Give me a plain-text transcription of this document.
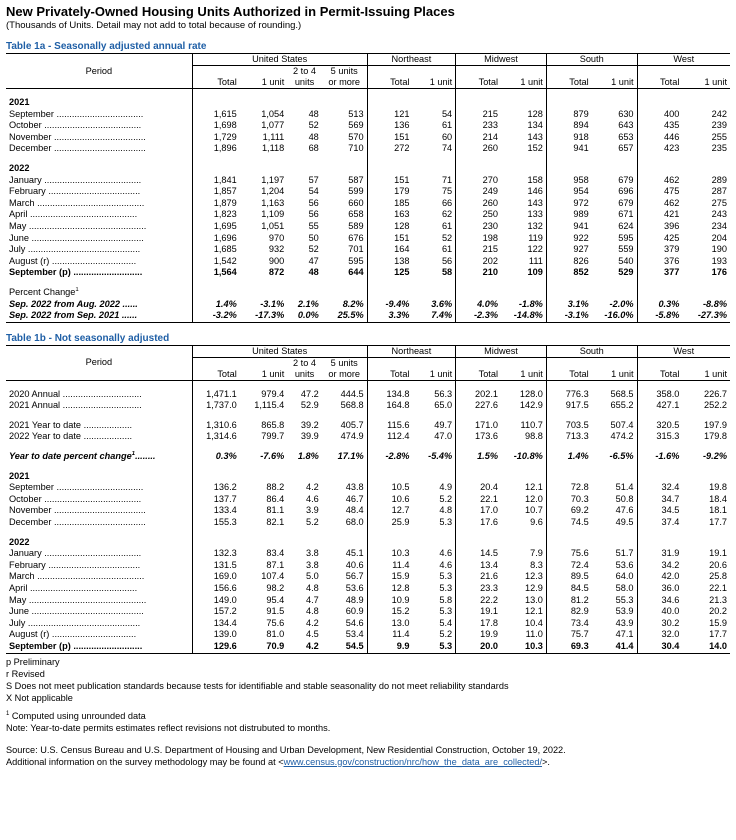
New Privately-Owned Housing Units Authorized in Permit-Issuing Places
(Thousands of Units. Detail may not add to total because of rounding.)
Table 1a - Seasonally adjusted annual rate
Period	United States				Northeast		Midwest		South		West	
			2 to 4	5 units								
	Total	1 unit	units	or more	Total	1 unit	Total	1 unit	Total	1 unit	Total	1 unit

2021												
September ..................................	1,615	1,054	48	513	121	54	215	128	879	630	400	242
October ......................................	1,698	1,077	52	569	136	61	233	134	894	643	435	239
November ....................................	1,729	1,111	48	570	151	60	214	143	918	653	446	255
December ....................................	1,896	1,118	68	710	272	74	260	152	941	657	423	235

2022												
January ......................................	1,841	1,197	57	587	151	71	270	158	958	679	462	289
February ....................................	1,857	1,204	54	599	179	75	249	146	954	696	475	287
March ..........................................	1,879	1,163	56	660	185	66	260	143	972	679	462	275
April ..........................................	1,823	1,109	56	658	163	62	250	133	989	671	421	243
May ..............................................	1,695	1,051	55	589	128	61	230	132	941	624	396	234
June ............................................	1,696	970	50	676	151	52	198	119	922	595	425	204
July ............................................	1,685	932	52	701	164	61	215	122	927	559	379	190
August (r) .................................	1,542	900	47	595	138	56	202	111	826	540	376	193
September (p) ...........................	1,564	872	48	644	125	58	210	109	852	529	377	176

Percent Change$^1$												
Sep. 2022 from Aug. 2022 ......	1.4%	-3.1%	2.1%	8.2%	-9.4%	3.6%	4.0%	-1.8%	3.1%	-2.0%	0.3%	-8.8%
Sep. 2022 from Sep. 2021 ......	-3.2%	-17.3%	0.0%	25.5%	3.3%	7.4%	-2.3%	-14.8%	-3.1%	-16.0%	-5.8%	-27.3%
Table 1b - Not seasonally adjusted
Period	United States				Northeast		Midwest		South		West	
			2 to 4	5 units								
	Total	1 unit	units	or more	Total	1 unit	Total	1 unit	Total	1 unit	Total	1 unit

2020 Annual ...............................	1,471.1	979.4	47.2	444.5	134.8	56.3	202.1	128.0	776.3	568.5	358.0	226.7
2021 Annual ...............................	1,737.0	1,115.4	52.9	568.8	164.8	65.0	227.6	142.9	917.5	655.2	427.1	252.2

2021 Year to date ...................	1,310.6	865.8	39.2	405.7	115.6	49.7	171.0	110.7	703.5	507.4	320.5	197.9
2022 Year to date ...................	1,314.6	799.7	39.9	474.9	112.4	47.0	173.6	98.8	713.3	474.2	315.3	179.8

Year to date percent change$^1$........	0.3%	-7.6%	1.8%	17.1%	-2.8%	-5.4%	1.5%	-10.8%	1.4%	-6.5%	-1.6%	-9.2%

2021												
September ..................................	136.2	88.2	4.2	43.8	10.5	4.9	20.4	12.1	72.8	51.4	32.4	19.8
October ......................................	137.7	86.4	4.6	46.7	10.6	5.2	22.1	12.0	70.3	50.8	34.7	18.4
November ....................................	133.4	81.1	3.9	48.4	12.7	4.8	17.0	10.7	69.2	47.6	34.5	18.1
December ....................................	155.3	82.1	5.2	68.0	25.9	5.3	17.6	9.6	74.5	49.5	37.4	17.7

2022												
January ......................................	132.3	83.4	3.8	45.1	10.3	4.6	14.5	7.9	75.6	51.7	31.9	19.1
February ....................................	131.5	87.1	3.8	40.6	11.4	4.6	13.4	8.3	72.4	53.6	34.2	20.6
March ..........................................	169.0	107.4	5.0	56.7	15.9	5.3	21.6	12.3	89.5	64.0	42.0	25.8
April ..........................................	156.6	98.2	4.8	53.6	12.8	5.3	23.3	12.9	84.5	58.0	36.0	22.1
May ..............................................	149.0	95.4	4.7	48.9	10.9	5.8	22.2	13.0	81.2	55.3	34.6	21.3
June ............................................	157.2	91.5	4.8	60.9	15.2	5.3	19.1	12.1	82.9	53.9	40.0	20.2
July ............................................	134.4	75.6	4.2	54.6	13.0	5.4	17.8	10.4	73.4	43.9	30.2	15.9
August (r) .................................	139.0	81.0	4.5	53.4	11.4	5.2	19.9	11.0	75.7	47.1	32.0	17.7
September (p) ...........................	129.6	70.9	4.2	54.5	9.9	5.3	20.0	10.3	69.3	41.4	30.4	14.0

p Preliminary

r Revised

S Does not meet publication standards because tests for identifiable and stable seasonality do not meet reliability standards

X Not applicable

$^1$ Computed using unrounded data

Note: Year-to-date permits estimates reflect revisions not distrubuted to months.

Source: U.S. Census Bureau and U.S. Department of Housing and Urban Development, New Residential Construction, October 19, 2022.
Additional information on the survey methodology may be found at <www.census.gov/construction/nrc/how_the_data_are_collected/>.
